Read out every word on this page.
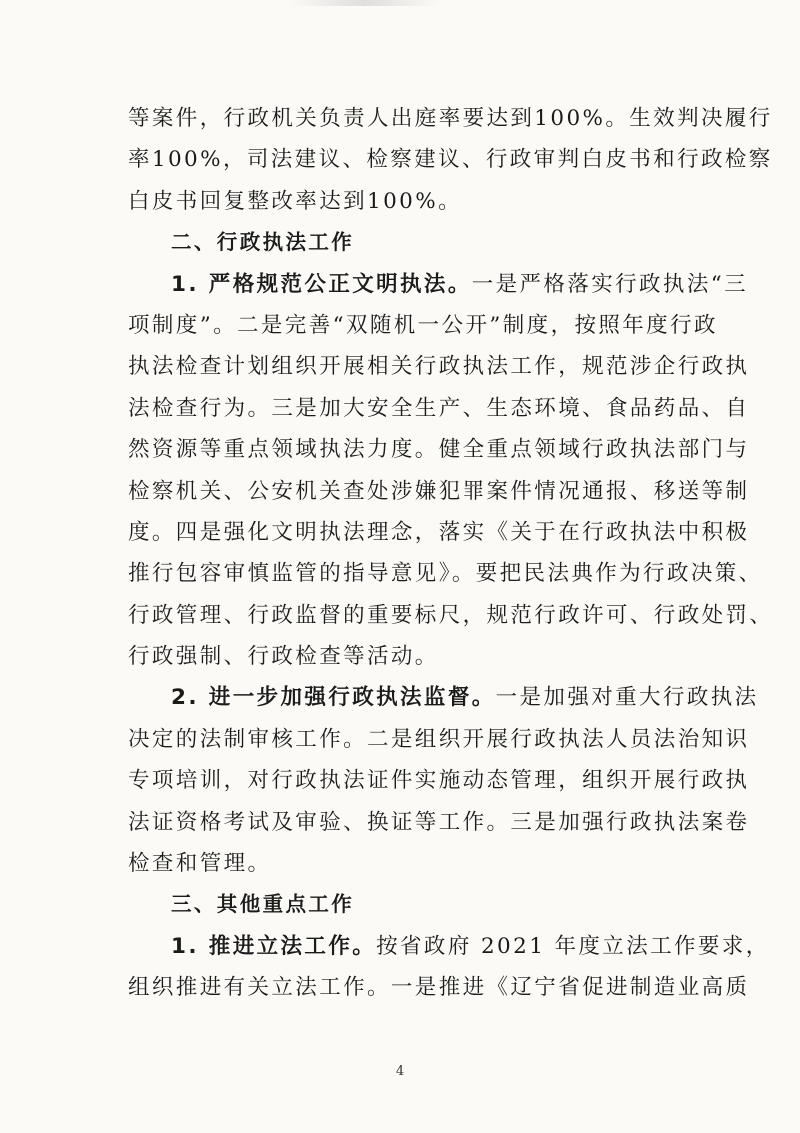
等案件，行政机关负责人出庭率要达到100%。生效判决履行
率100%，司法建议、检察建议、行政审判白皮书和行政检察
白皮书回复整改率达到100%。
二、行政执法工作
1. 严格规范公正文明执法。一是严格落实行政执法“三
项制度”。二是完善“双随机一公开”制度，按照年度行政
执法检查计划组织开展相关行政执法工作，规范涉企行政执
法检查行为。三是加大安全生产、生态环境、食品药品、自
然资源等重点领域执法力度。健全重点领域行政执法部门与
检察机关、公安机关查处涉嫌犯罪案件情况通报、移送等制
度。四是强化文明执法理念，落实《关于在行政执法中积极
推行包容审慎监管的指导意见》。要把民法典作为行政决策、
行政管理、行政监督的重要标尺，规范行政许可、行政处罚、
行政强制、行政检查等活动。
2. 进一步加强行政执法监督。一是加强对重大行政执法
决定的法制审核工作。二是组织开展行政执法人员法治知识
专项培训，对行政执法证件实施动态管理，组织开展行政执
法证资格考试及审验、换证等工作。三是加强行政执法案卷
检查和管理。
三、其他重点工作
1. 推进立法工作。按省政府 2021 年度立法工作要求，
组织推进有关立法工作。一是推进《辽宁省促进制造业高质
4
